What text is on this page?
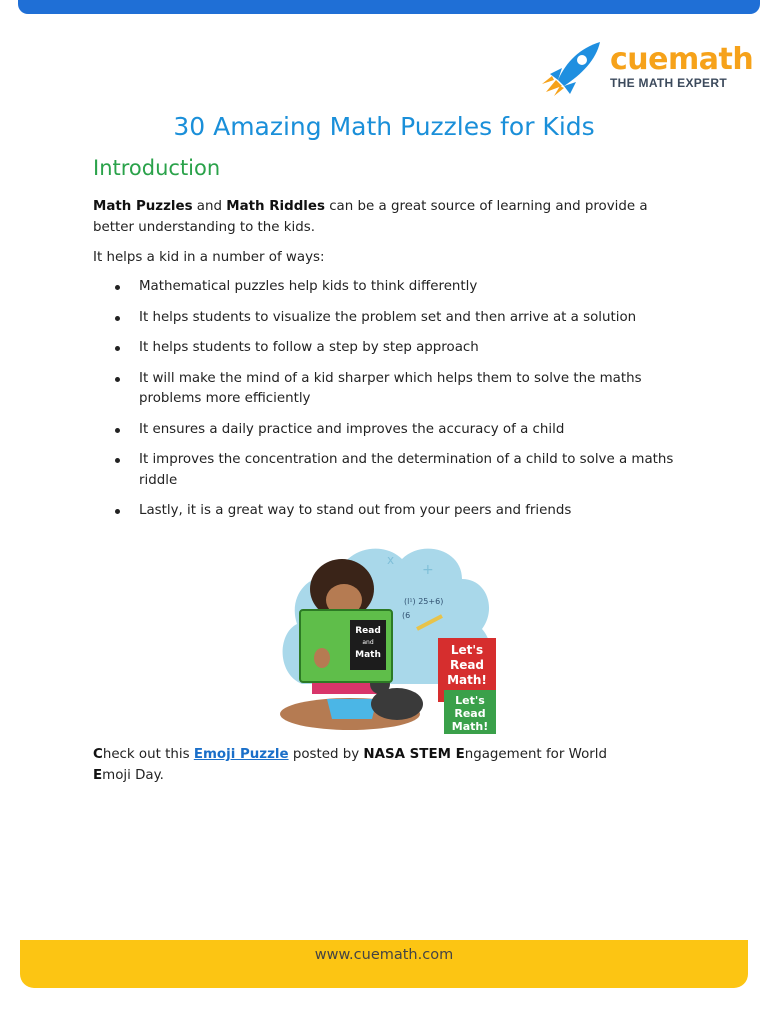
cuemath
THE MATH EXPERT
30 Amazing Math Puzzles for Kids
Introduction

Math Puzzles and Math Riddles can be a great source of learning and provide a better understanding to the kids.

It helps a kid in a number of ways:

Mathematical puzzles help kids to think differently
It helps students to visualize the problem set and then arrive at a solution
It helps students to follow a step by step approach
It will make the mind of a kid sharper which helps them to solve the maths problems more efficiently
It ensures a daily practice and improves the accuracy of a child
It improves the concentration and the determination of a child to solve a maths riddle
Lastly, it is a great way to stand out from your peers and friends
+
x
Read
and
Math
(l¹) 25+6)
(6
Let's
Read
Math!
Let's
Read
Math!

Check out this Emoji Puzzle posted by NASA STEM Engagement for World
Emoji Day.

www.cuemath.com
